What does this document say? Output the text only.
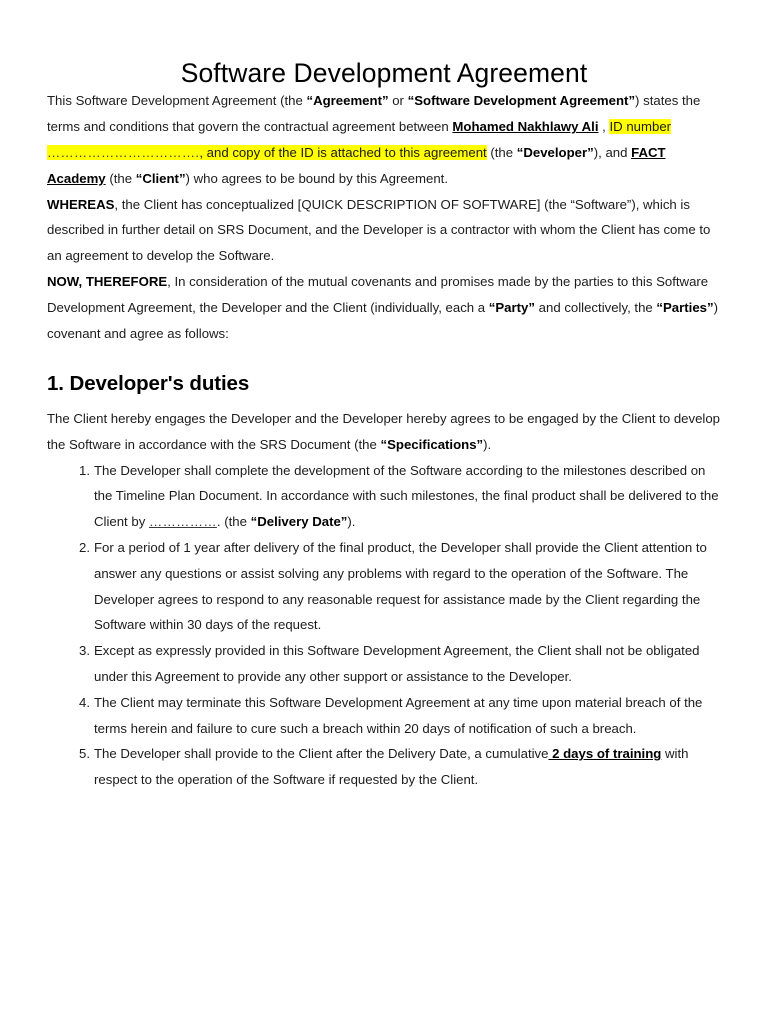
Software Development Agreement

This Software Development Agreement (the “Agreement” or “Software Development Agreement”) states the terms and conditions that govern the contractual agreement between Mohamed Nakhlawy Ali , ID number ……………………………., and copy of the ID is attached to this agreement (the “Developer”), and FACT Academy (the “Client”) who agrees to be bound by this Agreement.

WHEREAS, the Client has conceptualized [QUICK DESCRIPTION OF SOFTWARE] (the “Software”), which is described in further detail on SRS Document, and the Developer is a contractor with whom the Client has come to an agreement to develop the Software.

NOW, THEREFORE, In consideration of the mutual covenants and promises made by the parties to this Software Development Agreement, the Developer and the Client (individually, each a “Party” and collectively, the “Parties”) covenant and agree as follows:

1. Developer's duties

The Client hereby engages the Developer and the Developer hereby agrees to be engaged by the Client to develop the Software in accordance with the SRS Document (the “Specifications”).

The Developer shall complete the development of the Software according to the milestones described on the Timeline Plan Document. In accordance with such milestones, the final product shall be delivered to the Client by ……………. (the “Delivery Date”).
For a period of 1 year after delivery of the final product, the Developer shall provide the Client attention to answer any questions or assist solving any problems with regard to the operation of the Software. The Developer agrees to respond to any reasonable request for assistance made by the Client regarding the Software within 30 days of the request.
Except as expressly provided in this Software Development Agreement, the Client shall not be obligated under this Agreement to provide any other support or assistance to the Developer.
The Client may terminate this Software Development Agreement at any time upon material breach of the terms herein and failure to cure such a breach within 20 days of notification of such a breach.
The Developer shall provide to the Client after the Delivery Date, a cumulative 2 days of training with respect to the operation of the Software if requested by the Client.
